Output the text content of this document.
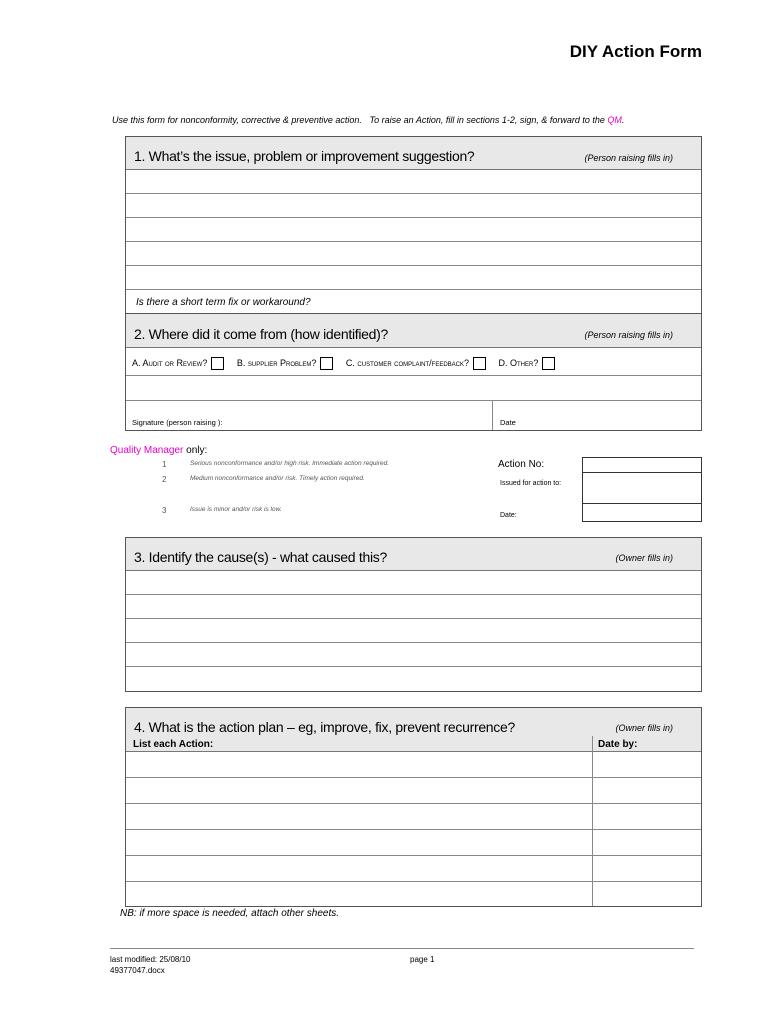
DIY Action Form
Use this form for nonconformity, corrective & preventive action. To raise an Action, fill in sections 1-2, sign, & forward to the QM.
1. What’s the issue, problem or improvement suggestion?	(Person raising fills in)
Is there a short term fix or workaround?
2. Where did it come from (how identified)?	(Person raising fills in)
A. Audit or Review?	B. supplier Problem?	C. customer complaint/feedback?	D. Other?
Signature (person raising ):	Date
Quality Manager only:
1	Serious nonconformance and/or high risk. Immediate action required.
2	Medium nonconformance and/or risk. Timely action required.
3	Issue is minor and/or risk is low.
Action No:
Issued for action to:
Date:

3. Identify the cause(s) - what caused this?	(Owner fills in)
4. What is the action plan – eg, improve, fix, prevent recurrence?	(Owner fills in)
List each Action:	Date by:
NB: if more space is needed, attach other sheets.
last modified: 25/08/10	page 1
49377047.docx
